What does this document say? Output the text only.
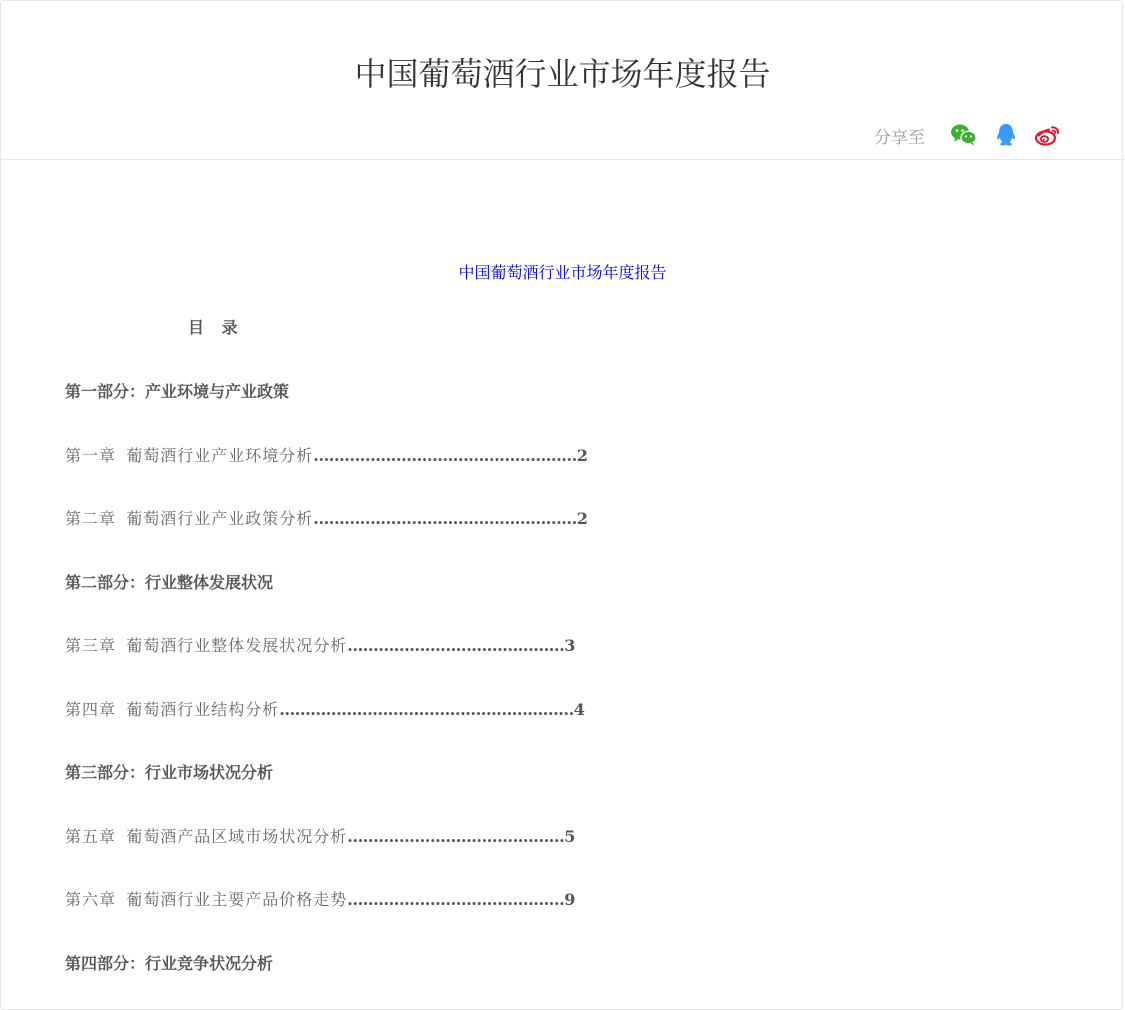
中国葡萄酒行业市场年度报告
分享至
中国葡萄酒行业市场年度报告
目 录
第一部分：产业环境与产业政策
第一章 葡萄酒行业产业环境分析……………………………………………2
第二章 葡萄酒行业产业政策分析……………………………………………2
第二部分：行业整体发展状况
第三章 葡萄酒行业整体发展状况分析……………………………………3
第四章 葡萄酒行业结构分析…………………………………………………4
第三部分：行业市场状况分析
第五章 葡萄酒产品区域市场状况分析……………………………………5
第六章 葡萄酒行业主要产品价格走势……………………………………9
第四部分：行业竞争状况分析
